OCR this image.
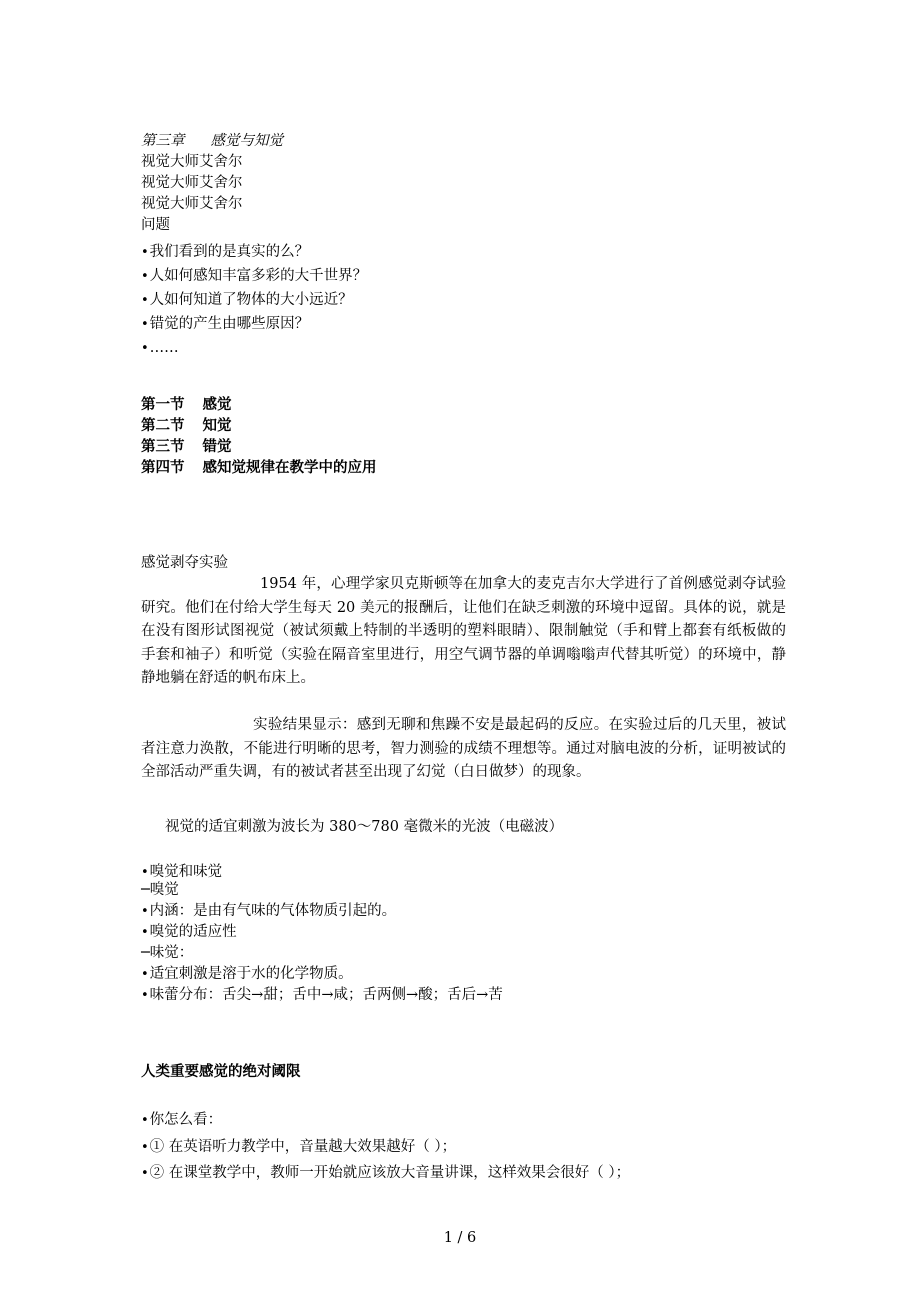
第三章 感觉与知觉
视觉大师艾舍尔
视觉大师艾舍尔
视觉大师艾舍尔
问题
•我们看到的是真实的么？
•人如何感知丰富多彩的大千世界？
•人如何知道了物体的大小远近？
•错觉的产生由哪些原因？
•……
第一节 感觉
第二节 知觉
第三节 错觉
第四节 感知觉规律在教学中的应用
感觉剥夺实验
1954 年，心理学家贝克斯顿等在加拿大的麦克吉尔大学进行了首例感觉剥夺试验研究。他们在付给大学生每天 20 美元的报酬后，让他们在缺乏刺激的环境中逗留。具体的说，就是在没有图形试图视觉（被试须戴上特制的半透明的塑料眼睛）、限制触觉（手和臂上都套有纸板做的手套和袖子）和听觉（实验在隔音室里进行，用空气调节器的单调嗡嗡声代替其听觉）的环境中，静静地躺在舒适的帆布床上。
实验结果显示：感到无聊和焦躁不安是最起码的反应。在实验过后的几天里，被试者注意力涣散，不能进行明晰的思考，智力测验的成绩不理想等。通过对脑电波的分析，证明被试的全部活动严重失调，有的被试者甚至出现了幻觉（白日做梦）的现象。
视觉的适宜刺激为波长为 380～780 毫微米的光波（电磁波）
•嗅觉和味觉
─嗅觉
•内涵：是由有气味的气体物质引起的。
•嗅觉的适应性
─味觉：
•适宜刺激是溶于水的化学物质。
•味蕾分布：舌尖→甜；舌中→咸；舌两侧→酸；舌后→苦
人类重要感觉的绝对阈限
•你怎么看：
•① 在英语听力教学中，音量越大效果越好（ ）；
•② 在课堂教学中，教师一开始就应该放大音量讲课，这样效果会很好（ ）；
1 / 6
